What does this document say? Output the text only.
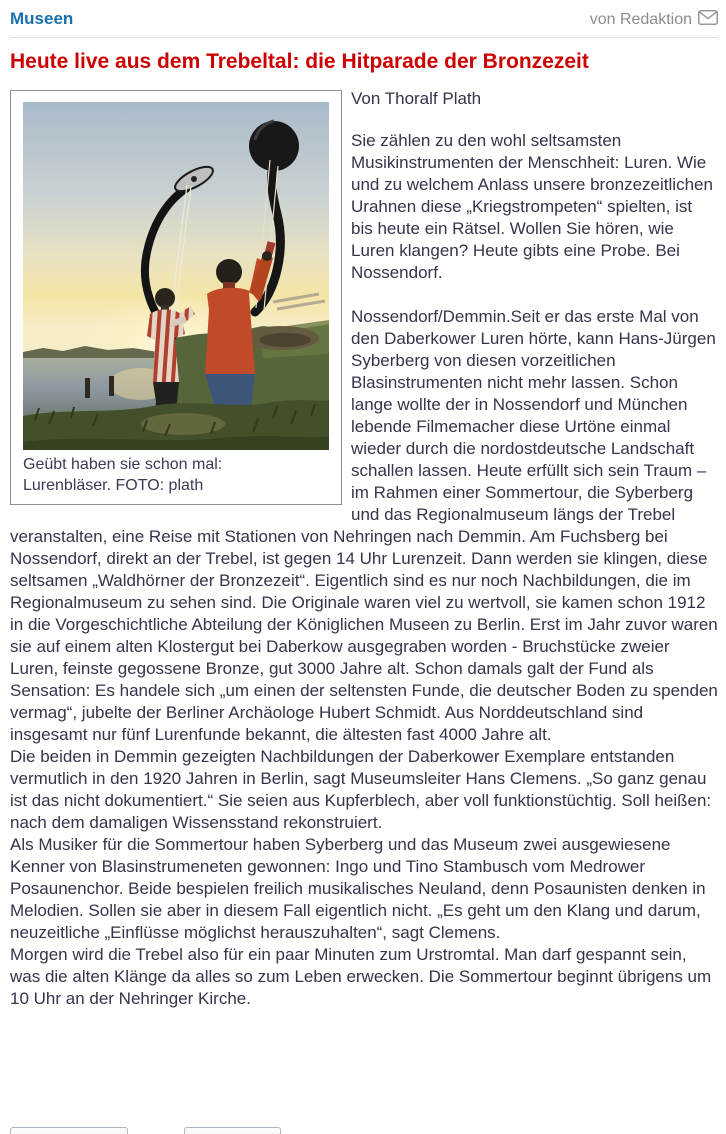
Museen	von Redaktion
Heute live aus dem Trebeltal: die Hitparade der Bronzezeit
Geübt haben sie schon mal:
Lurenbläser. FOTO: plath

Von Thoralf Plath

Sie zählen zu den wohl seltsamsten Musikinstrumenten der Menschheit: Luren. Wie und zu welchem Anlass unsere bronzezeitlichen Urahnen diese „Kriegstrompeten“ spielten, ist bis heute ein Rätsel. Wollen Sie hören, wie Luren klangen? Heute gibts eine Probe. Bei Nossendorf.

Nossendorf/Demmin.Seit er das erste Mal von den Daberkower Luren hörte, kann Hans-Jürgen Syberberg von diesen vorzeitlichen Blasinstrumenten nicht mehr lassen. Schon lange wollte der in Nossendorf und München lebende Filmemacher diese Urtöne einmal wieder durch die nordostdeutsche Landschaft schallen lassen. Heute erfüllt sich sein Traum – im Rahmen einer Sommertour, die Syberberg und das Regionalmuseum längs der Trebel veranstalten, eine Reise mit Stationen von Nehringen nach Demmin. Am Fuchsberg bei Nossendorf, direkt an der Trebel, ist gegen 14 Uhr Lurenzeit. Dann werden sie klingen, diese seltsamen „Waldhörner der Bronzezeit“. Eigentlich sind es nur noch Nachbildungen, die im Regionalmuseum zu sehen sind. Die Originale waren viel zu wertvoll, sie kamen schon 1912 in die Vorgeschichtliche Abteilung der Königlichen Museen zu Berlin. Erst im Jahr zuvor waren sie auf einem alten Klostergut bei Daberkow ausgegraben worden - Bruchstücke zweier Luren, feinste gegossene Bronze, gut 3000 Jahre alt. Schon damals galt der Fund als Sensation: Es handele sich „um einen der seltensten Funde, die deutscher Boden zu spenden vermag“, jubelte der Berliner Archäologe Hubert Schmidt. Aus Norddeutschland sind insgesamt nur fünf Lurenfunde bekannt, die ältesten fast 4000 Jahre alt.
Die beiden in Demmin gezeigten Nachbildungen der Daberkower Exemplare entstanden vermutlich in den 1920 Jahren in Berlin, sagt Museumsleiter Hans Clemens. „So ganz genau ist das nicht dokumentiert.“ Sie seien aus Kupferblech, aber voll funktionstüchtig. Soll heißen: nach dem damaligen Wissensstand rekonstruiert.
Als Musiker für die Sommertour haben Syberberg und das Museum zwei ausgewiesene Kenner von Blasinstrumeneten gewonnen: Ingo und Tino Stambusch vom Medrower Posaunenchor. Beide bespielen freilich musikalisches Neuland, denn Posaunisten denken in Melodien. Sollen sie aber in diesem Fall eigentlich nicht. „Es geht um den Klang und darum, neuzeitliche „Einflüsse möglichst herauszuhalten“, sagt Clemens.
Morgen wird die Trebel also für ein paar Minuten zum Urstromtal. Man darf gespannt sein, was die alten Klänge da alles so zum Leben erwecken. Die Sommertour beginnt übrigens um 10 Uhr an der Nehringer Kirche.
